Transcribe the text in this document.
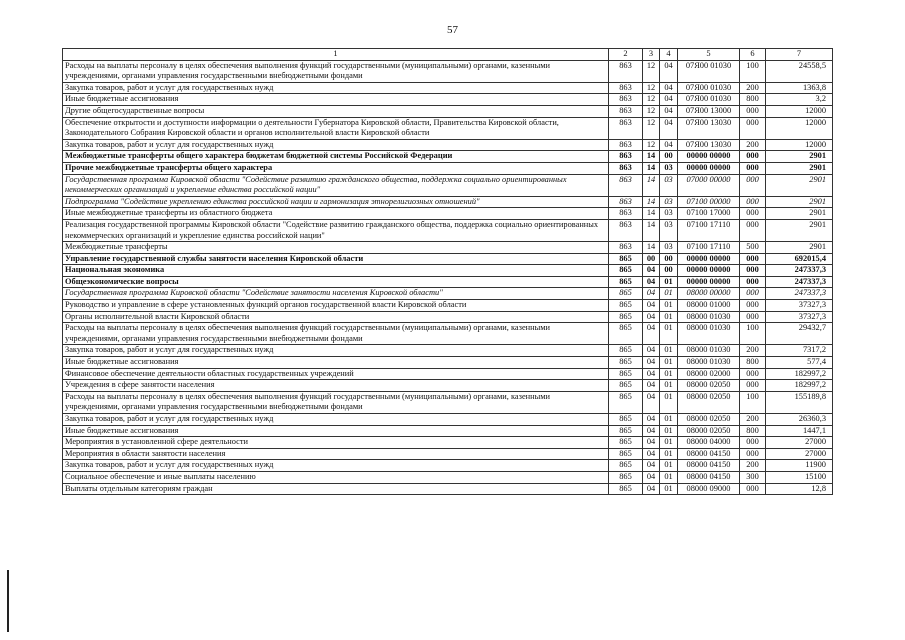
57
1	2	3	4	5	6	7
Расходы на выплаты персоналу в целях обеспечения выполнения функций государственными (муниципальными) органами, казенными учреждениями, органами управления государственными внебюджетными фондами	863	12	04	07Я00 01030	100	24558,5
Закупка товаров, работ и услуг для государственных нужд	863	12	04	07Я00 01030	200	1363,8
Иные бюджетные ассигнования	863	12	04	07Я00 01030	800	3,2
Другие общегосударственные вопросы	863	12	04	07Я00 13000	000	12000
Обеспечение открытости и доступности информации о деятельности Губернатора Кировской области, Правительства Кировской области, Законодательного Собрания Кировской области и органов исполнительной власти Кировской области	863	12	04	07Я00 13030	000	12000
Закупка товаров, работ и услуг для государственных нужд	863	12	04	07Я00 13030	200	12000
Межбюджетные трансферты общего характера бюджетам бюджетной системы Российской Федерации	863	14	00	00000 00000	000	2901
Прочие межбюджетные трансферты общего характера	863	14	03	00000 00000	000	2901
Государственная программа Кировской области "Содействие развитию гражданского общества, поддержка социально ориентированных некоммерческих организаций и укрепление единства российской нации"	863	14	03	07000 00000	000	2901
Подпрограмма "Содействие укреплению единства российской нации и гармонизация этнорелигиозных отношений"	863	14	03	07100 00000	000	2901
Иные межбюджетные трансферты из областного бюджета	863	14	03	07100 17000	000	2901
Реализация государственной программы Кировской области "Содействие развитию гражданского общества, поддержка социально ориентированных некоммерческих организаций и укрепление единства российской нации"	863	14	03	07100 17110	000	2901
Межбюджетные трансферты	863	14	03	07100 17110	500	2901
Управление государственной службы занятости населения Кировской области	865	00	00	00000 00000	000	692015,4
Национальная экономика	865	04	00	00000 00000	000	247337,3
Общеэкономические вопросы	865	04	01	00000 00000	000	247337,3
Государственная программа Кировской области "Содействие занятости населения Кировской области"	865	04	01	08000 00000	000	247337,3
Руководство и управление в сфере установленных функций органов государственной власти Кировской области	865	04	01	08000 01000	000	37327,3
Органы исполнительной власти Кировской области	865	04	01	08000 01030	000	37327,3
Расходы на выплаты персоналу в целях обеспечения выполнения функций государственными (муниципальными) органами, казенными учреждениями, органами управления государственными внебюджетными фондами	865	04	01	08000 01030	100	29432,7
Закупка товаров, работ и услуг для государственных нужд	865	04	01	08000 01030	200	7317,2
Иные бюджетные ассигнования	865	04	01	08000 01030	800	577,4
Финансовое обеспечение деятельности областных государственных учреждений	865	04	01	08000 02000	000	182997,2
Учреждения в сфере занятости населения	865	04	01	08000 02050	000	182997,2
Расходы на выплаты персоналу в целях обеспечения выполнения функций государственными (муниципальными) органами, казенными учреждениями, органами управления государственными внебюджетными фондами	865	04	01	08000 02050	100	155189,8
Закупка товаров, работ и услуг для государственных нужд	865	04	01	08000 02050	200	26360,3
Иные бюджетные ассигнования	865	04	01	08000 02050	800	1447,1
Мероприятия в установленной сфере деятельности	865	04	01	08000 04000	000	27000
Мероприятия в области занятости населения	865	04	01	08000 04150	000	27000
Закупка товаров, работ и услуг для государственных нужд	865	04	01	08000 04150	200	11900
Социальное обеспечение и иные выплаты населению	865	04	01	08000 04150	300	15100
Выплаты отдельным категориям граждан	865	04	01	08000 09000	000	12,8
